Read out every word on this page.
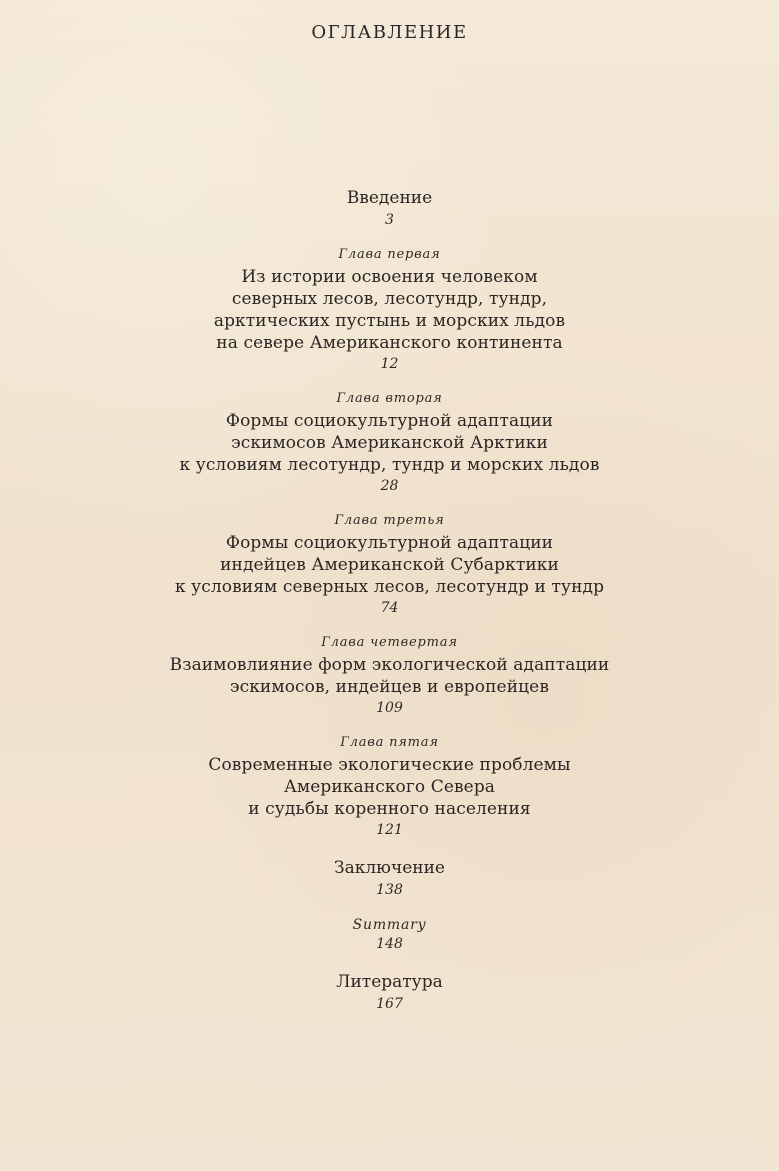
ОГЛАВЛЕНИЕ
Введение
3
Глава первая
Из истории освоения человеком
северных лесов, лесотундр, тундр,
арктических пустынь и морских льдов
на севере Американского континента
12
Глава вторая
Формы социокультурной адаптации
эскимосов Американской Арктики
к условиям лесотундр, тундр и морских льдов
28
Глава третья
Формы социокультурной адаптации
индейцев Американской Субарктики
к условиям северных лесов, лесотундр и тундр
74
Глава четвертая
Взаимовлияние форм экологической адаптации
эскимосов, индейцев и европейцев
109
Глава пятая
Современные экологические проблемы
Американского Севера
и судьбы коренного населения
121
Заключение
138
Summary
148
Литература
167
